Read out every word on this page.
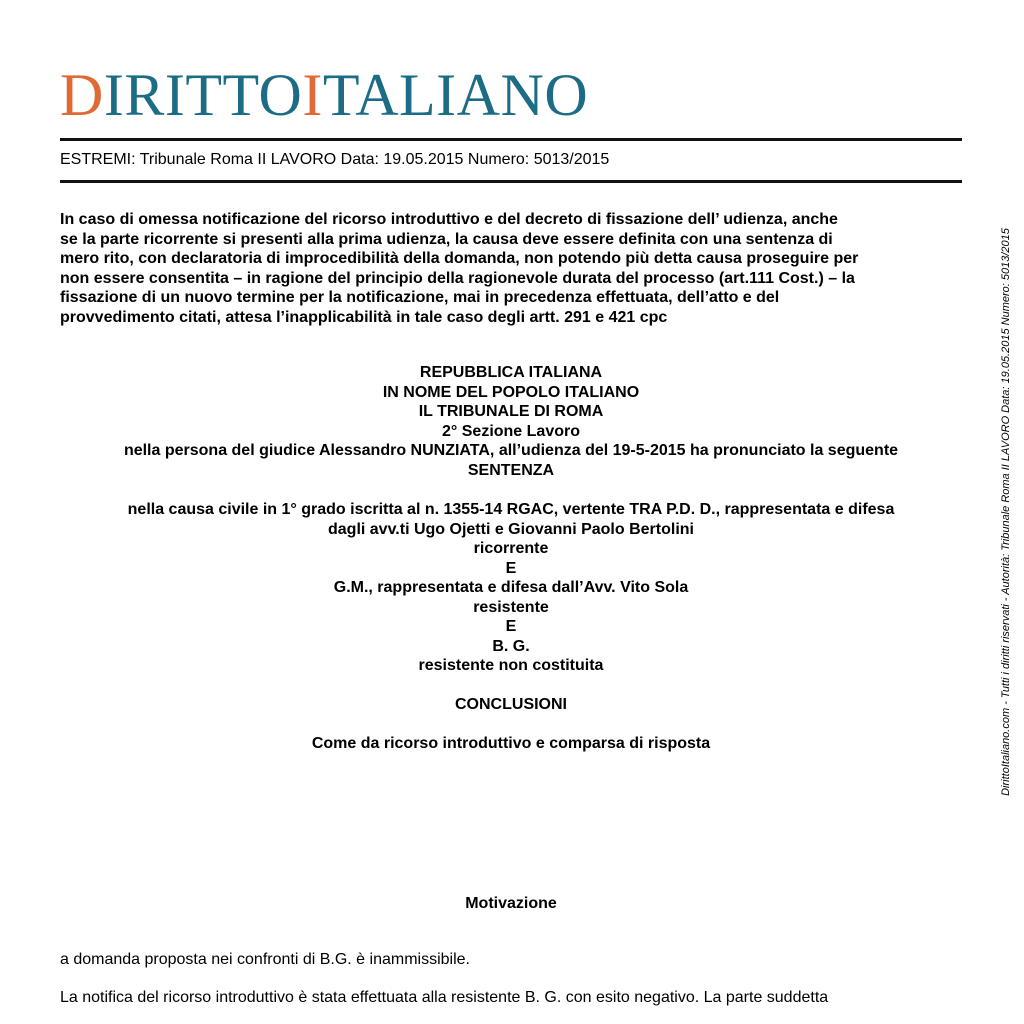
DIRITTOITALIANO
ESTREMI: Tribunale Roma II LAVORO Data: 19.05.2015 Numero: 5013/2015
In caso di omessa notificazione del ricorso introduttivo e del decreto di fissazione dell’ udienza, anche
se la parte ricorrente si presenti alla prima udienza, la causa deve essere definita con una sentenza di
mero rito, con declaratoria di improcedibilità della domanda, non potendo più detta causa proseguire per
non essere consentita – in ragione del principio della ragionevole durata del processo (art.111 Cost.) – la
fissazione di un nuovo termine per la notificazione, mai in precedenza effettuata, dell’atto e del
provvedimento citati, attesa l’inapplicabilità in tale caso degli artt. 291 e 421 cpc
REPUBBLICA ITALIANA
IN NOME DEL POPOLO ITALIANO
IL TRIBUNALE DI ROMA
2° Sezione Lavoro
nella persona del giudice Alessandro NUNZIATA, all’udienza del 19-5-2015 ha pronunciato la seguente
SENTENZA
nella causa civile in 1° grado iscritta al n. 1355-14 RGAC, vertente TRA P.D. D., rappresentata e difesa
dagli avv.ti Ugo Ojetti e Giovanni Paolo Bertolini
ricorrente
E
G.M., rappresentata e difesa dall’Avv. Vito Sola
resistente
E
B. G.
resistente non costituita
CONCLUSIONI
Come da ricorso introduttivo e comparsa di risposta
Motivazione
a domanda proposta nei confronti di B.G. è inammissibile.
La notifica del ricorso introduttivo è stata effettuata alla resistente B. G. con esito negativo. La parte suddetta
DirittoItaliano.com - Tutti i diritti riservati - Autorità: Tribunale Roma II LAVORO Data: 19.05.2015 Numero: 5013/2015
